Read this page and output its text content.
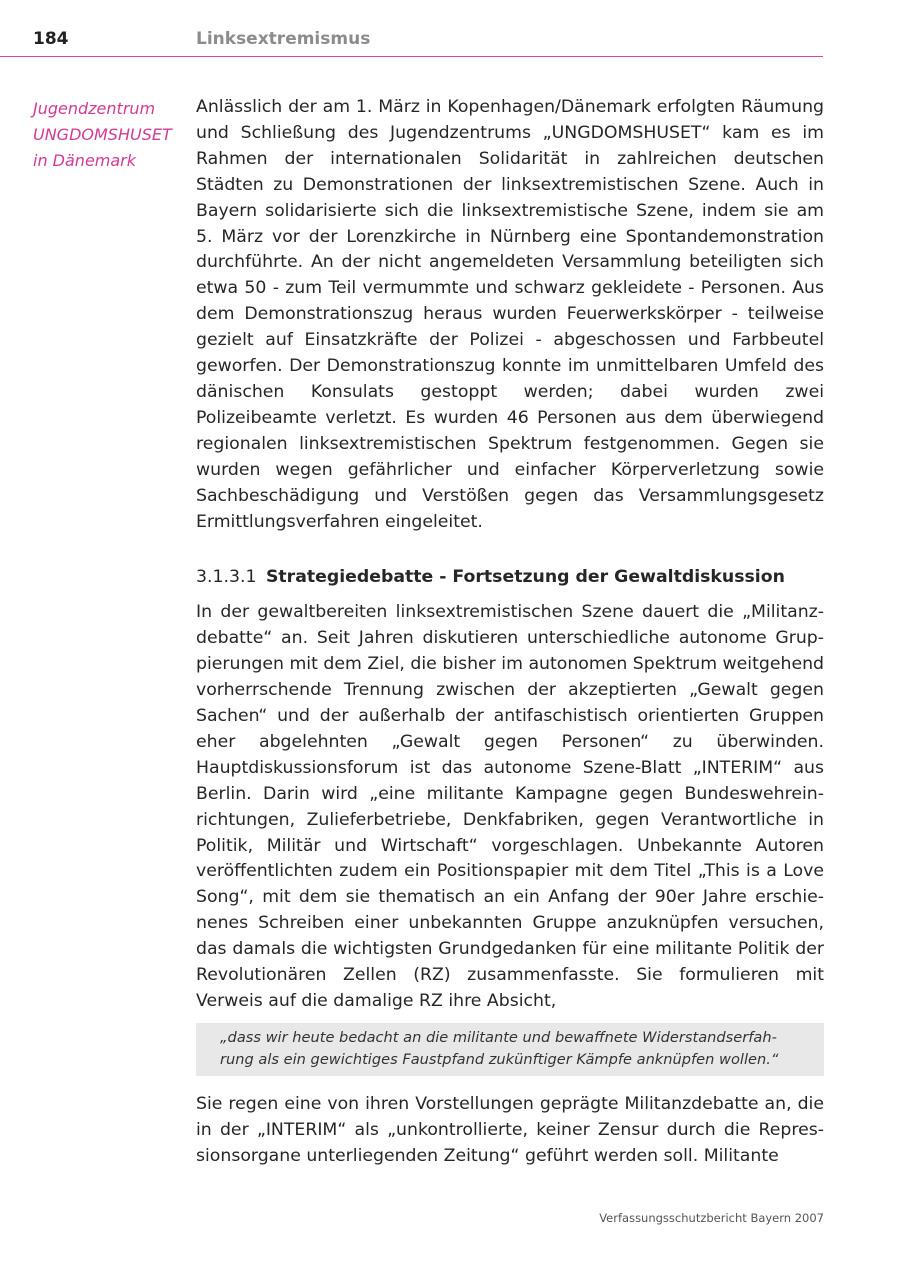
184	Linksextremismus
Jugendzentrum
UNGDOMSHUSET
in Dänemark

Anlässlich der am 1. März in Kopenhagen/Dänemark erfolgten Räumung und Schließung des Jugendzentrums „UNGDOMSHUSET“ kam es im Rahmen der internationalen Solidarität in zahlreichen deutschen Städten zu Demonstrationen der linksextremistischen Szene. Auch in Bayern solidarisierte sich die linksextremistische Szene, indem sie am 5. März vor der Lorenzkirche in Nürnberg eine Spontandemonstration durchführte. An der nicht angemeldeten Versammlung beteiligten sich etwa 50 - zum Teil vermummte und schwarz gekleidete - Personen. Aus dem Demonstrationszug heraus wurden Feuerwerkskörper - teilweise gezielt auf Einsatzkräfte der Polizei - abgeschossen und Farbbeutel geworfen. Der Demonstrationszug konnte im unmittelbaren Umfeld des dänischen Konsulats gestoppt werden; dabei wurden zwei Polizeibeamte verletzt. Es wurden 46 Personen aus dem überwiegend regionalen linksextremistischen Spektrum festgenommen. Gegen sie wurden wegen gefährlicher und einfacher Körperverletzung sowie Sachbeschädigung und Verstößen gegen das Versammlungsgesetz Ermittlungsverfahren eingeleitet.

3.1.3.1 Strategiedebatte - Fortsetzung der Gewaltdiskussion

In der gewaltbereiten linksextremistischen Szene dauert die „Militanzdebatte“ an. Seit Jahren diskutieren unterschiedliche autonome Gruppierungen mit dem Ziel, die bisher im autonomen Spektrum weitgehend vorherrschende Trennung zwischen der akzeptierten „Gewalt gegen Sachen“ und der außerhalb der antifaschistisch orientierten Gruppen eher abgelehnten „Gewalt gegen Personen“ zu überwinden. Hauptdiskussionsforum ist das autonome Szene-Blatt „INTERIM“ aus Berlin. Darin wird „eine militante Kampagne gegen Bundeswehreinrichtungen, Zulieferbetriebe, Denkfabriken, gegen Verantwortliche in Politik, Militär und Wirtschaft“ vorgeschlagen. Unbekannte Autoren veröffentlichten zudem ein Positionspapier mit dem Titel „This is a Love Song“, mit dem sie thematisch an ein Anfang der 90er Jahre erschienenes Schreiben einer unbekannten Gruppe anzuknüpfen versuchen, das damals die wichtigsten Grundgedanken für eine militante Politik der Revolutionären Zellen (RZ) zusammenfasste. Sie formulieren mit Verweis auf die damalige RZ ihre Absicht,

„dass wir heute bedacht an die militante und bewaffnete Widerstandserfah-
rung als ein gewichtiges Faustpfand zukünftiger Kämpfe anknüpfen wollen.“

Sie regen eine von ihren Vorstellungen geprägte Militanzdebatte an, die in der „INTERIM“ als „unkontrollierte, keiner Zensur durch die Repressionsorgane unterliegenden Zeitung“ geführt werden soll. Militante

Verfassungsschutzbericht Bayern 2007
